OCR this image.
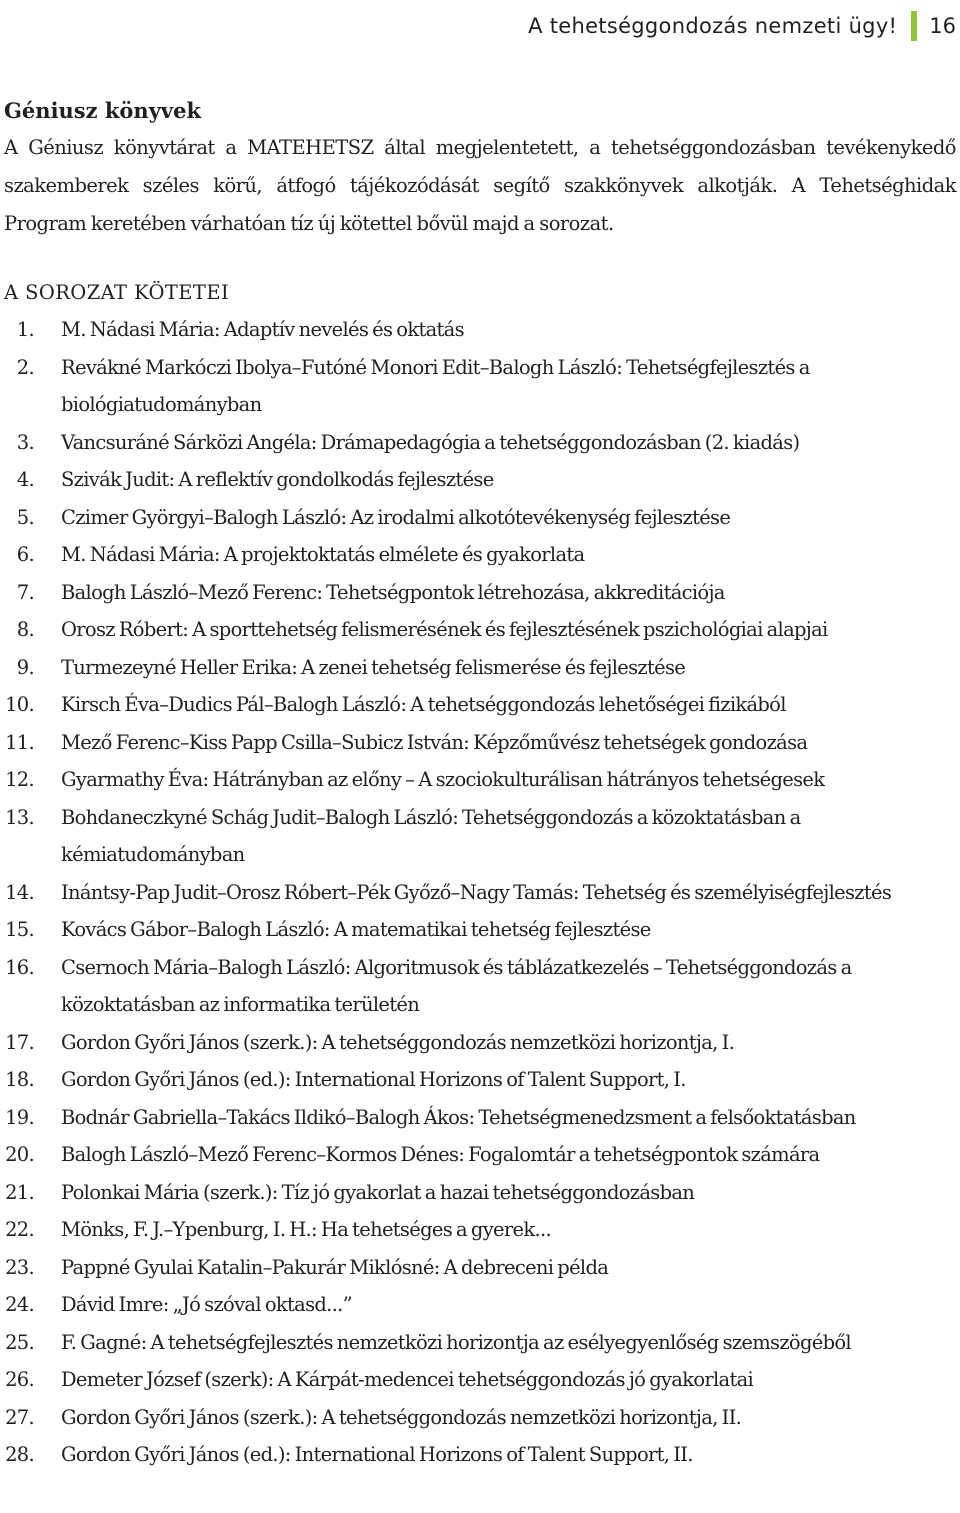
A tehetséggondozás nemzeti ügy! 16
Géniusz könyvek

A Géniusz könyvtárat a MATEHETSZ által megjelentetett, a tehetséggondozásban tevékenykedő szakemberek széles körű, átfogó tájékozódását segítő szakkönyvek alkotják. A Tehetséghidak Program keretében várhatóan tíz új kötettel bővül majd a sorozat.

A SOROZAT KÖTETEI
1.	M. Nádasi Mária: Adaptív nevelés és oktatás
2.	Revákné Markóczi Ibolya–Futóné Monori Edit–Balogh László: Tehetségfejlesztés a biológiatudományban
3.	Vancsuráné Sárközi Angéla: Drámapedagógia a tehetséggondozásban (2. kiadás)
4.	Szivák Judit: A reflektív gondolkodás fejlesztése
5.	Czimer Györgyi–Balogh László: Az irodalmi alkotótevékenység fejlesztése
6.	M. Nádasi Mária: A projektoktatás elmélete és gyakorlata
7.	Balogh László–Mező Ferenc: Tehetségpontok létrehozása, akkreditációja
8.	Orosz Róbert: A sporttehetség felismerésének és fejlesztésének pszichológiai alapjai
9.	Turmezeyné Heller Erika: A zenei tehetség felismerése és fejlesztése
10.	Kirsch Éva–Dudics Pál–Balogh László: A tehetséggondozás lehetőségei fizikából
11.	Mező Ferenc–Kiss Papp Csilla–Subicz István: Képzőművész tehetségek gondozása
12.	Gyarmathy Éva: Hátrányban az előny – A szociokulturálisan hátrányos tehetségesek
13.	Bohdaneczkyné Schág Judit–Balogh László: Tehetséggondozás a közoktatásban a kémiatudományban
14.	Inántsy-Pap Judit–Orosz Róbert–Pék Győző–Nagy Tamás: Tehetség és személyiségfejlesztés
15.	Kovács Gábor–Balogh László: A matematikai tehetség fejlesztése
16.	Csernoch Mária–Balogh László: Algoritmusok és táblázatkezelés – Tehetséggondozás a közoktatásban az informatika területén
17.	Gordon Győri János (szerk.): A tehetséggondozás nemzetközi horizontja, I.
18.	Gordon Győri János (ed.): International Horizons of Talent Support, I.
19.	Bodnár Gabriella–Takács Ildikó–Balogh Ákos: Tehetségmenedzsment a felsőoktatásban
20.	Balogh László–Mező Ferenc–Kormos Dénes: Fogalomtár a tehetségpontok számára
21.	Polonkai Mária (szerk.): Tíz jó gyakorlat a hazai tehetséggondozásban
22.	Mönks, F. J.–Ypenburg, I. H.: Ha tehetséges a gyerek...
23.	Pappné Gyulai Katalin–Pakurár Miklósné: A debreceni példa
24.	Dávid Imre: „Jó szóval oktasd...”
25.	F. Gagné: A tehetségfejlesztés nemzetközi horizontja az esélyegyenlőség szemszögéből
26.	Demeter József (szerk): A Kárpát-medencei tehetséggondozás jó gyakorlatai
27.	Gordon Győri János (szerk.): A tehetséggondozás nemzetközi horizontja, II.
28.	Gordon Győri János (ed.): International Horizons of Talent Support, II.
